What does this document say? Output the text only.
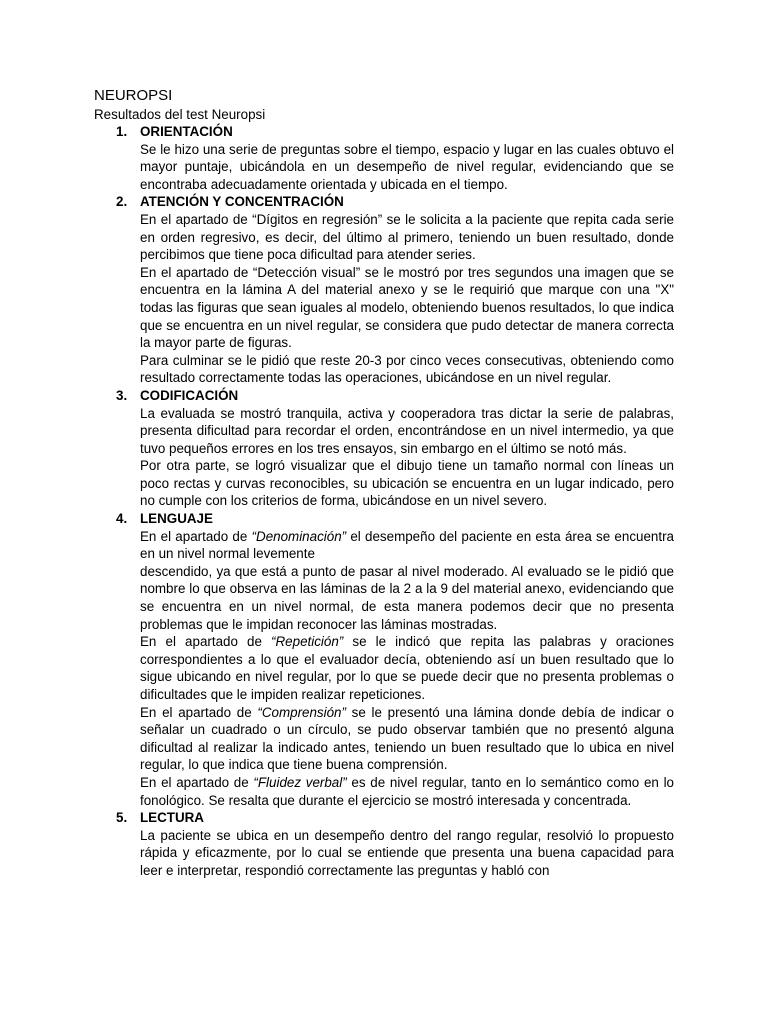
NEUROPSI
Resultados del test Neuropsi
1. ORIENTACIÓN

Se le hizo una serie de preguntas sobre el tiempo, espacio y lugar en las cuales obtuvo el mayor puntaje, ubicándola en un desempeño de nivel regular, evidenciando que se encontraba adecuadamente orientada y ubicada en el tiempo.

2. ATENCIÓN Y CONCENTRACIÓN

En el apartado de “Dígitos en regresión” se le solicita a la paciente que repita cada serie en orden regresivo, es decir, del último al primero, teniendo un buen resultado, donde percibimos que tiene poca dificultad para atender series.

En el apartado de “Detección visual” se le mostró por tres segundos una imagen que se encuentra en la lámina A del material anexo y se le requirió que marque con una "X" todas las figuras que sean iguales al modelo, obteniendo buenos resultados, lo que indica que se encuentra en un nivel regular, se considera que pudo detectar de manera correcta la mayor parte de figuras.

Para culminar se le pidió que reste 20-3 por cinco veces consecutivas, obteniendo como resultado correctamente todas las operaciones, ubicándose en un nivel regular.

3. CODIFICACIÓN

La evaluada se mostró tranquila, activa y cooperadora tras dictar la serie de palabras, presenta dificultad para recordar el orden, encontrándose en un nivel intermedio, ya que tuvo pequeños errores en los tres ensayos, sin embargo en el último se notó más.

Por otra parte, se logró visualizar que el dibujo tiene un tamaño normal con líneas un poco rectas y curvas reconocibles, su ubicación se encuentra en un lugar indicado, pero no cumple con los criterios de forma, ubicándose en un nivel severo.

4. LENGUAJE

En el apartado de “Denominación” el desempeño del paciente en esta área se encuentra en un nivel normal levemente

descendido, ya que está a punto de pasar al nivel moderado. Al evaluado se le pidió que nombre lo que observa en las láminas de la 2 a la 9 del material anexo, evidenciando que se encuentra en un nivel normal, de esta manera podemos decir que no presenta problemas que le impidan reconocer las láminas mostradas.

En el apartado de “Repetición” se le indicó que repita las palabras y oraciones correspondientes a lo que el evaluador decía, obteniendo así un buen resultado que lo sigue ubicando en nivel regular, por lo que se puede decir que no presenta problemas o dificultades que le impiden realizar repeticiones.

En el apartado de “Comprensión” se le presentó una lámina donde debía de indicar o señalar un cuadrado o un círculo, se pudo observar también que no presentó alguna dificultad al realizar la indicado antes, teniendo un buen resultado que lo ubica en nivel regular, lo que indica que tiene buena comprensión.

En el apartado de “Fluidez verbal” es de nivel regular, tanto en lo semántico como en lo fonológico. Se resalta que durante el ejercicio se mostró interesada y concentrada.

5. LECTURA

La paciente se ubica en un desempeño dentro del rango regular, resolvió lo propuesto rápida y eficazmente, por lo cual se entiende que presenta una buena capacidad para leer e interpretar, respondió correctamente las preguntas y habló con
